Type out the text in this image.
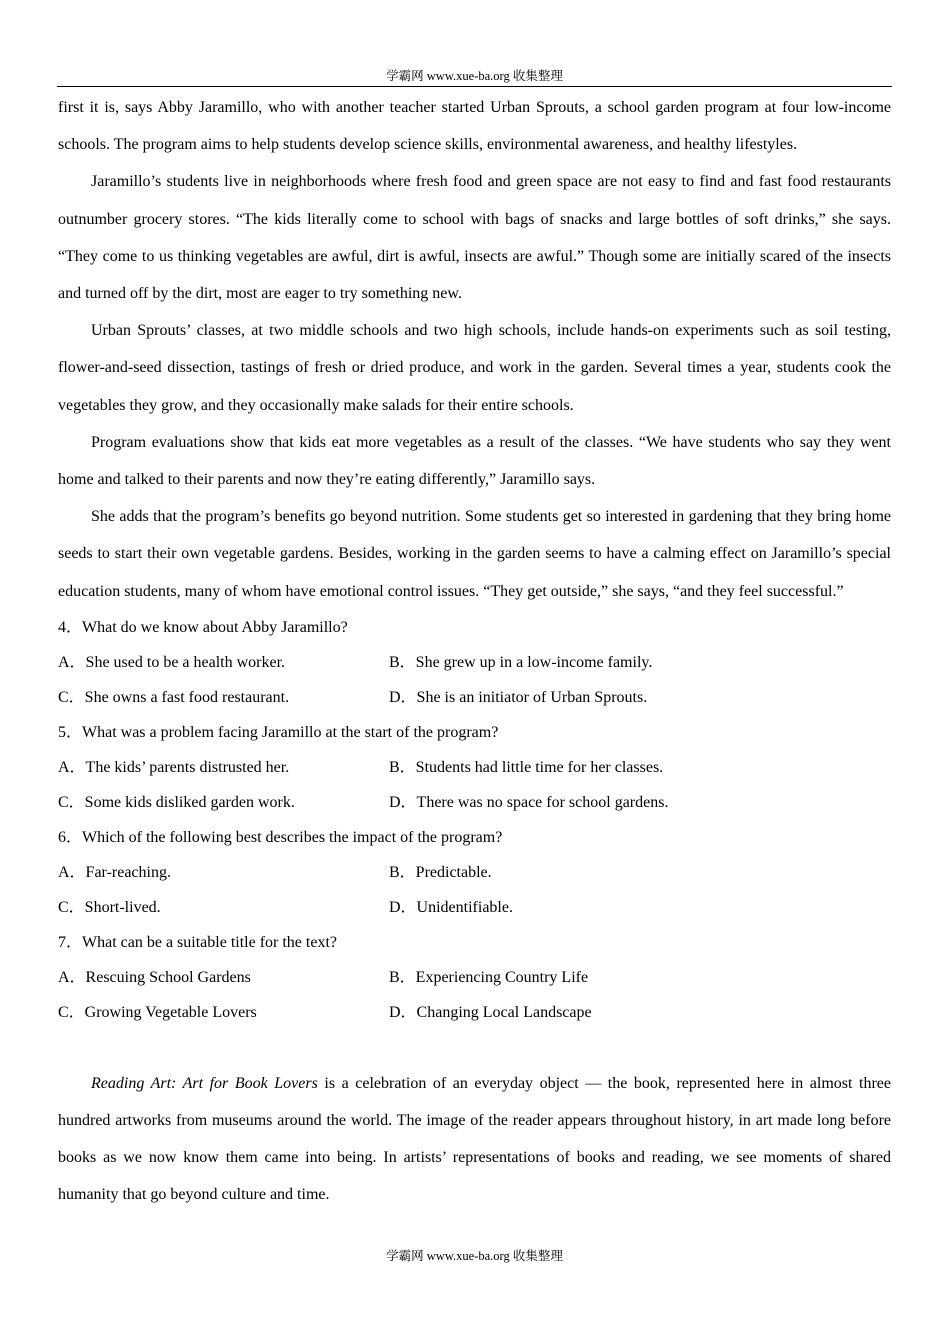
学霸网 www.xue-ba.org 收集整理

first it is, says Abby Jaramillo, who with another teacher started Urban Sprouts, a school garden program at four low-income schools. The program aims to help students develop science skills, environmental awareness, and healthy lifestyles.

Jaramillo’s students live in neighborhoods where fresh food and green space are not easy to find and fast food restaurants outnumber grocery stores. “The kids literally come to school with bags of snacks and large bottles of soft drinks,” she says. “They come to us thinking vegetables are awful, dirt is awful, insects are awful.” Though some are initially scared of the insects and turned off by the dirt, most are eager to try something new.

Urban Sprouts’ classes, at two middle schools and two high schools, include hands-on experiments such as soil testing, flower-and-seed dissection, tastings of fresh or dried produce, and work in the garden. Several times a year, students cook the vegetables they grow, and they occasionally make salads for their entire schools.

Program evaluations show that kids eat more vegetables as a result of the classes. “We have students who say they went home and talked to their parents and now they’re eating differently,” Jaramillo says.

She adds that the program’s benefits go beyond nutrition. Some students get so interested in gardening that they bring home seeds to start their own vegetable gardens. Besides, working in the garden seems to have a calming effect on Jaramillo’s special education students, many of whom have emotional control issues. “They get outside,” she says, “and they feel successful.”

4．What do we know about Abby Jaramillo?
A．She used to be a health worker.	B．She grew up in a low-income family.
C．She owns a fast food restaurant.	D．She is an initiator of Urban Sprouts.
5．What was a problem facing Jaramillo at the start of the program?
A．The kids’ parents distrusted her.	B．Students had little time for her classes.
C．Some kids disliked garden work.	D．There was no space for school gardens.
6．Which of the following best describes the impact of the program?
A．Far-reaching.	B．Predictable.
C．Short-lived.	D．Unidentifiable.
7．What can be a suitable title for the text?
A．Rescuing School Gardens	B．Experiencing Country Life
C．Growing Vegetable Lovers	D．Changing Local Landscape

Reading Art: Art for Book Lovers is a celebration of an everyday object — the book, represented here in almost three hundred artworks from museums around the world. The image of the reader appears throughout history, in art made long before books as we now know them came into being. In artists’ representations of books and reading, we see moments of shared humanity that go beyond culture and time.

学霸网 www.xue-ba.org 收集整理
